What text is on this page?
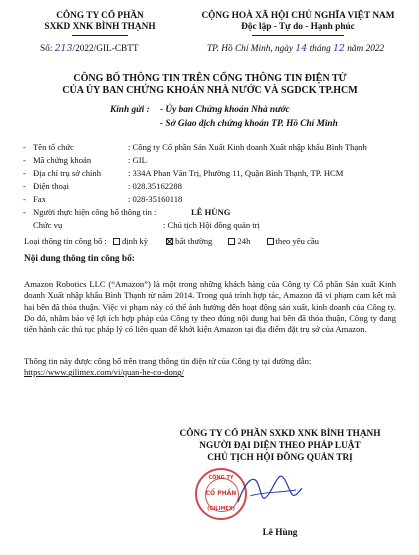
CÔNG TY CỔ PHẦN
SXKD XNK BÌNH THẠNH
CỘNG HOÀ XÃ HỘI CHỦ NGHĨA VIỆT NAM
Độc lập - Tự do - Hạnh phúc
Số: 213/2022/GIL-CBTT	TP. Hồ Chí Minh, ngày 14 tháng 12 năm 2022
CÔNG BỐ THÔNG TIN TRÊN CỔNG THÔNG TIN ĐIỆN TỬ
CỦA ỦY BAN CHỨNG KHOÁN NHÀ NƯỚC VÀ SGDCK TP.HCM
Kính gửi : - Ủy ban Chứng khoán Nhà nước
- Sở Giao dịch chứng khoán TP. Hồ Chí Minh
- Tên tổ chức	: Công ty Cổ phần Sản Xuất Kinh doanh Xuất nhập khẩu Bình Thạnh
- Mã chứng khoán	: GIL
- Địa chỉ trụ sở chính	: 334A Phan Văn Trị, Phường 11, Quận Bình Thạnh, TP. HCM
- Điện thoại	: 028.35162288
- Fax	: 028-35160118
- Người thực hiện công bố thông tin :	LÊ HÙNG
Chức vụ	: Chủ tịch Hội đồng quản trị
Loại thông tin công bố : định kỳ	bất thường	24h	theo yêu cầu
Nội dung thông tin công bố:

Amazon Robotics LLC (“Amazon”) là một trong những khách hàng của Công ty Cổ phần Sản xuất Kinh doanh Xuất nhập khẩu Bình Thạnh từ năm 2014. Trong quá trình hợp tác, Amazon đã vi phạm cam kết mà hai bên đã thỏa thuận. Việc vi phạm này có thể ảnh hưởng đến hoạt động sản xuất, kinh doanh của Công ty. Do đó, nhằm bảo vệ lợi ích hợp pháp của Công ty theo đúng nội dung hai bên đã thỏa thuận, Công ty đang tiến hành các thủ tục pháp lý có liên quan để khởi kiện Amazon tại địa điểm đặt trụ sở của Amazon.

Thông tin này được công bố trên trang thông tin điện tử của Công ty tại đường dẫn:

https://www.gilimex.com/vi/quan-he-co-dong/

CÔNG TY CỔ PHẦN SXKD XNK BÌNH THẠNH
NGƯỜI ĐẠI DIỆN THEO PHÁP LUẬT
CHỦ TỊCH HỘI ĐỒNG QUẢN TRỊ
CÔNG TY
CỔ PHẦN
(GILIMEX)
Lê Hùng
